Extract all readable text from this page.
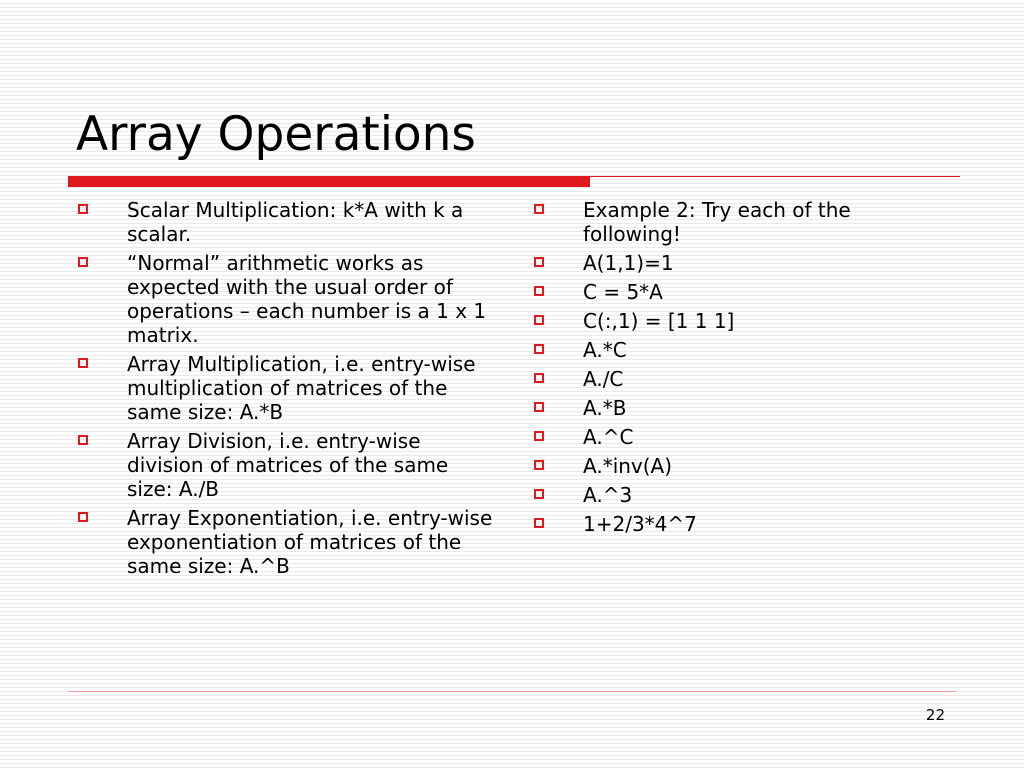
Array Operations
Scalar Multiplication: k*A with k a scalar.
“Normal” arithmetic works as expected with the usual order of operations – each number is a 1 x 1 matrix.
Array Multiplication, i.e. entry-wise multiplication of matrices of the same size: A.*B
Array Division, i.e. entry-wise division of matrices of the same size: A./B
Array Exponentiation, i.e. entry-wise exponentiation of matrices of the same size: A.^B
Example 2: Try each of the following!
A(1,1)=1
C = 5*A
C(:,1) = [1 1 1]
A.*C
A./C
A.*B
A.^C
A.*inv(A)
A.^3
1+2/3*4^7
22
